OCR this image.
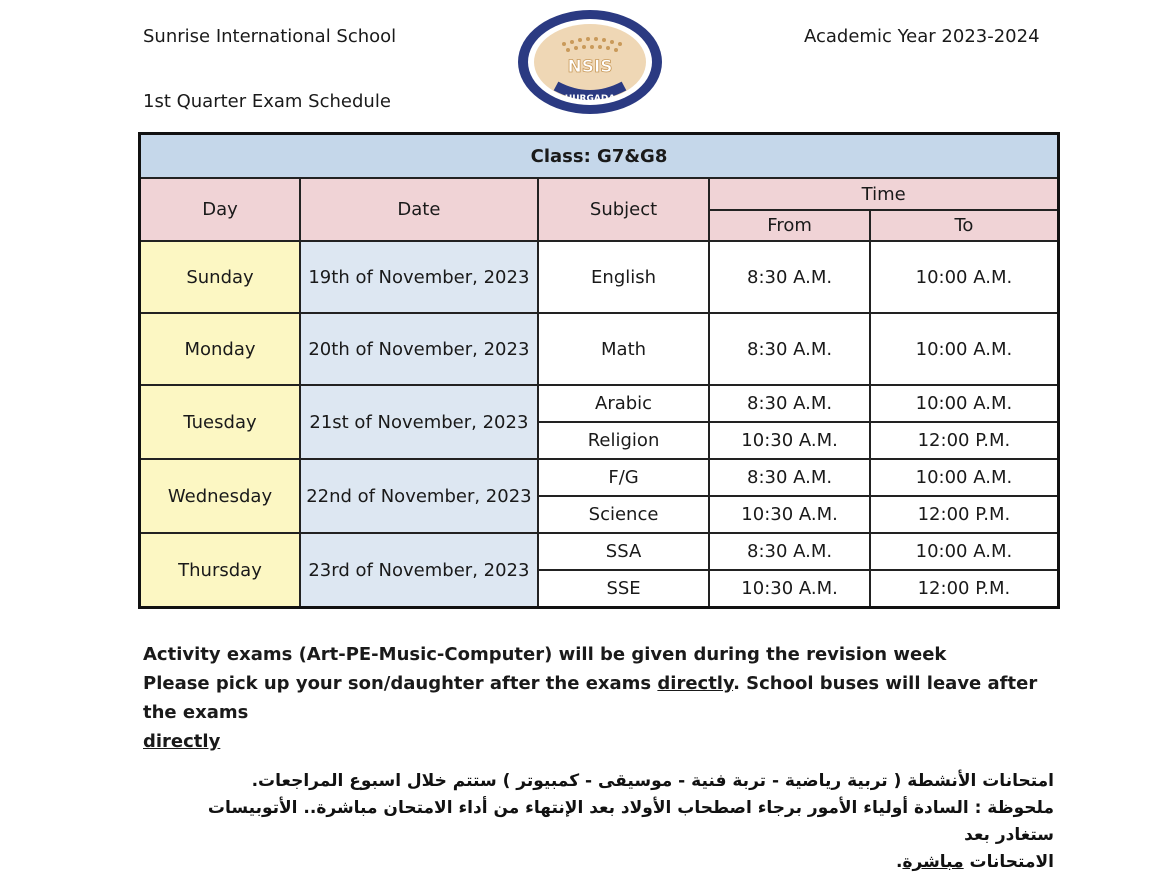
Sunrise International School	Academic Year 2023-2024
1st Quarter Exam Schedule
NSIS
HURGADA
Class: G7&G8				
Day	Date	Subject	Time	
			From	To
Sunday	19th of November, 2023	English	8:30 A.M.	10:00 A.M.
Monday	20th of November, 2023	Math	8:30 A.M.	10:00 A.M.
Tuesday	21st of November, 2023	Arabic	8:30 A.M.	10:00 A.M.
		Religion	10:30 A.M.	12:00 P.M.
Wednesday	22nd of November, 2023	F/G	8:30 A.M.	10:00 A.M.
		Science	10:30 A.M.	12:00 P.M.
Thursday	23rd of November, 2023	SSA	8:30 A.M.	10:00 A.M.
		SSE	10:30 A.M.	12:00 P.M.
Activity exams (Art-PE-Music-Computer) will be given during the revision week
Please pick up your son/daughter after the exams directly. School buses will leave after the exams
directly
امتحانات الأنشطة ( تربية رياضية - تربة فنية - موسيقى - كمبيوتر ) ستتم خلال اسبوع المراجعات.
ملحوظة : السادة أولياء الأمور برجاء اصطحاب الأولاد بعد الإنتهاء من أداء الامتحان مباشرة.. الأتوبيسات ستغادر بعد
الامتحانات مباشرة.
